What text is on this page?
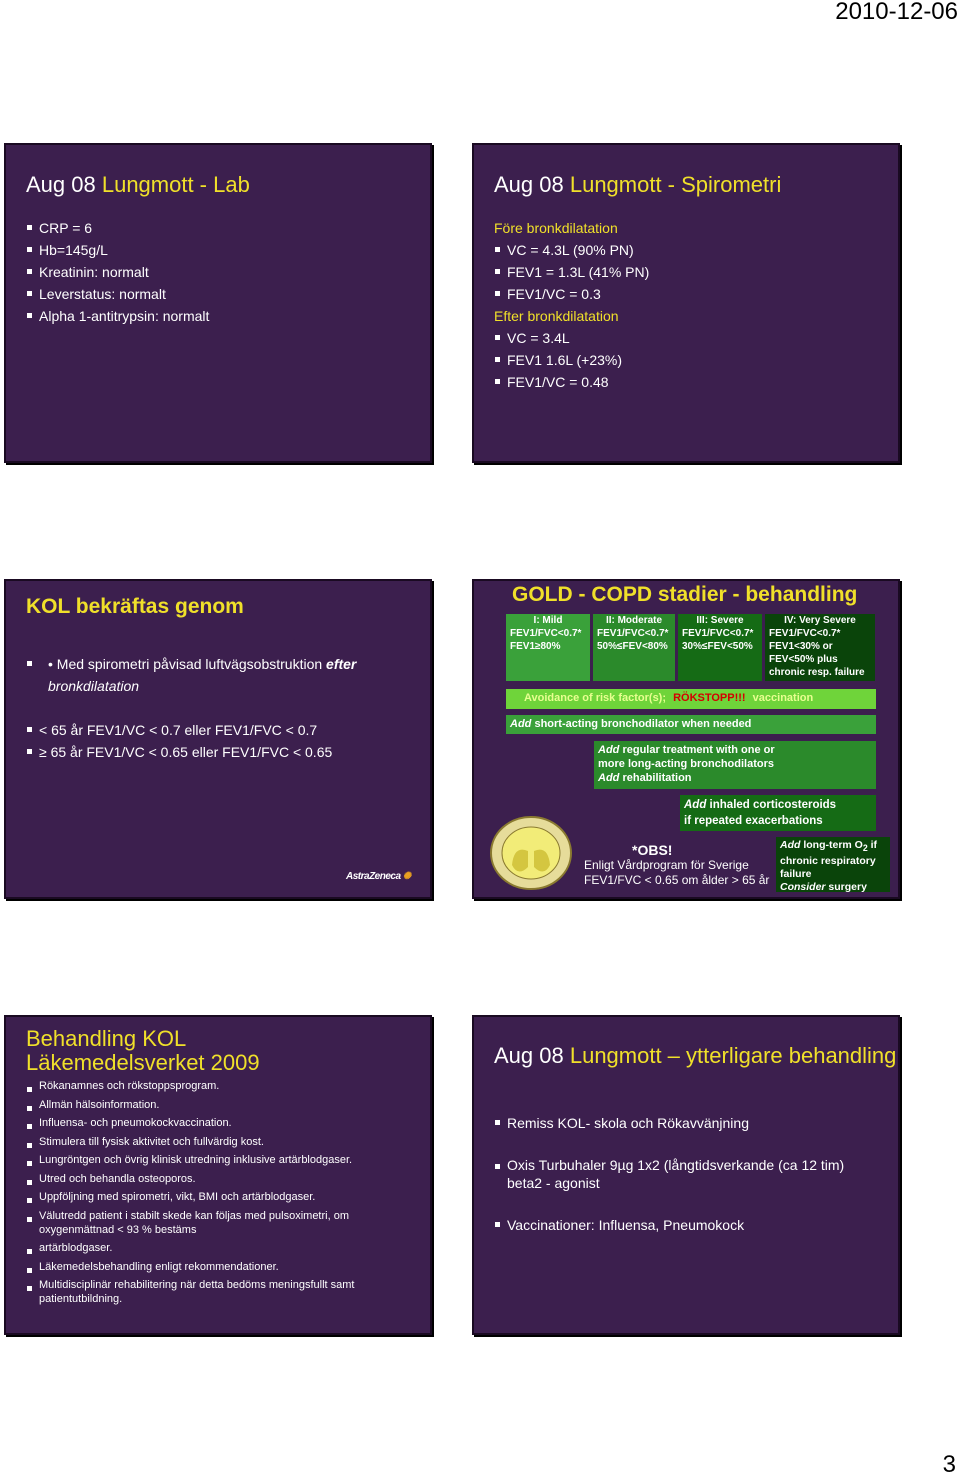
2010-12-06
Aug 08 Lungmott - Lab
CRP = 6
Hb=145g/L
Kreatinin: normalt
Leverstatus: normalt
Alpha 1-antitrypsin: normalt
Aug 08 Lungmott - Spirometri
Före bronkdilatation
VC = 4.3L (90% PN)
FEV1 = 1.3L (41% PN)
FEV1/VC = 0.3
Efter bronkdilatation
VC = 3.4L
FEV1 1.6L (+23%)
FEV1/VC = 0.48
KOL bekräftas genom
• Med spirometri påvisad luftvägsobstruktion efter
bronkdilatation
< 65 år FEV1/VC < 0.7 eller FEV1/FVC < 0.7
≥ 65 år FEV1/VC < 0.65 eller FEV1/FVC < 0.65
AstraZeneca ✺
GOLD - COPD stadier - behandling
I: Mild
FEV1/FVC<0.7*
FEV1≥80%
II: Moderate
FEV1/FVC<0.7*
50%≤FEV<80%
III: Severe
FEV1/FVC<0.7*
30%≤FEV<50%
IV: Very Severe
FEV1/FVC<0.7*
FEV1<30% or
FEV<50% plus
chronic resp. failure
Avoidance of risk factor(s); RÖKSTOPP!!! vaccination
Add short-acting bronchodilator when needed
Add regular treatment with one or
more long-acting bronchodilators
Add rehabilitation
Add inhaled corticosteroids
if repeated exacerbations
Add long-term $O_2$ if
chronic respiratory
failure
Consider surgery
*OBS!
Enligt Vårdprogram för Sverige
FEV1/FVC < 0.65 om ålder > 65 år
Behandling KOL
Läkemedelsverket 2009
Rökanamnes och rökstoppsprogram.
Allmän hälsoinformation.
Influensa- och pneumokockvaccination.
Stimulera till fysisk aktivitet och fullvärdig kost.
Lungröntgen och övrig klinisk utredning inklusive artärblodgaser.
Utred och behandla osteoporos.
Uppföljning med spirometri, vikt, BMI och artärblodgaser.
Välutredd patient i stabilt skede kan följas med pulsoximetri, om oxygenmättnad < 93 % bestäms
artärblodgaser.
Läkemedelsbehandling enligt rekommendationer.
Multidisciplinär rehabilitering när detta bedöms meningsfullt samt patientutbildning.
Aug 08 Lungmott – ytterligare behandling
Remiss KOL- skola och Rökavvänjning
Oxis Turbuhaler 9µg 1x2 (långtidsverkande (ca 12 tim) beta2 - agonist
Vaccinationer: Influensa, Pneumokock
3
